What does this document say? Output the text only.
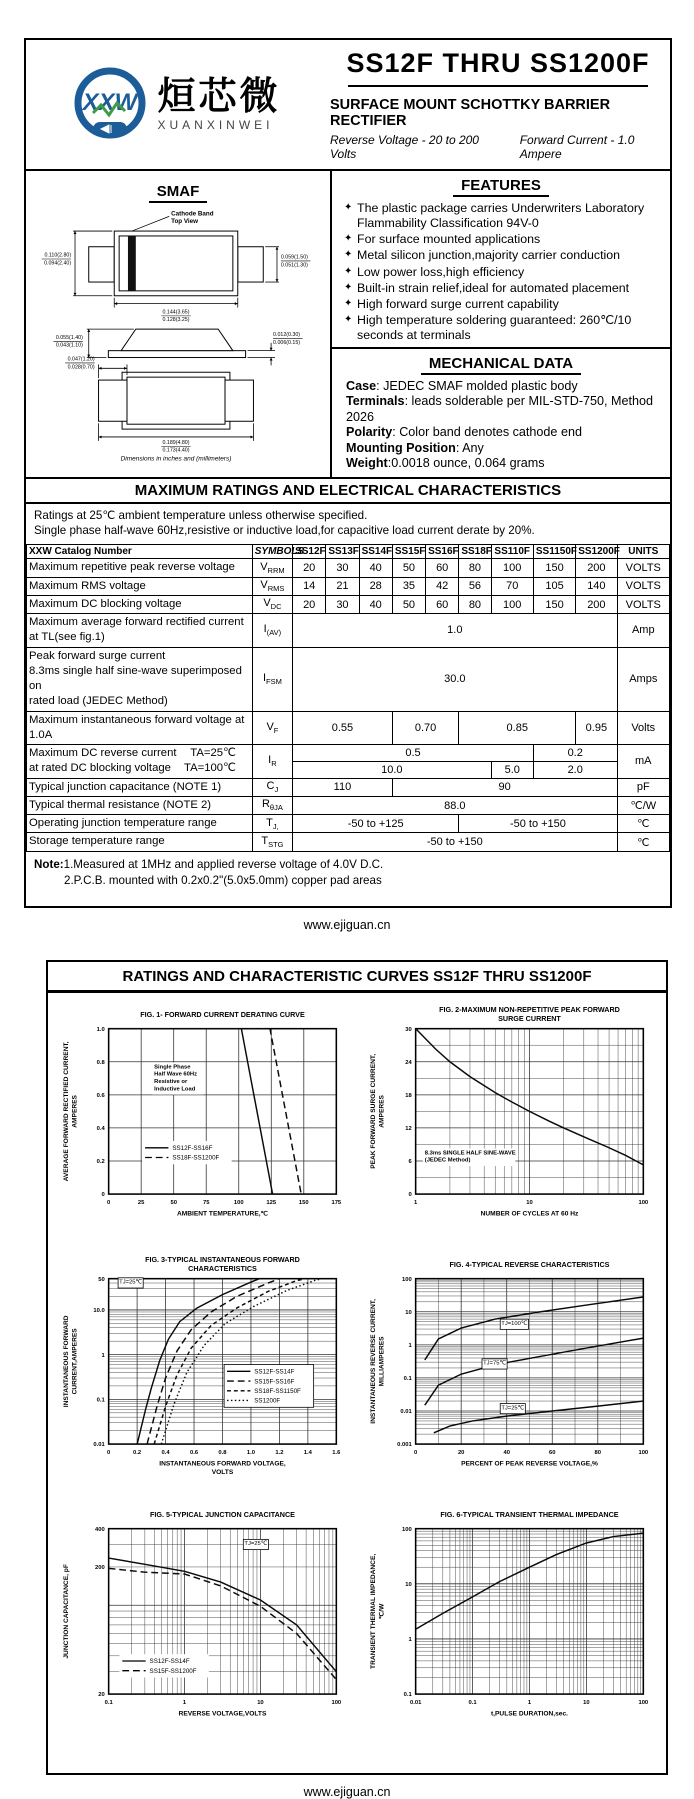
XXW 烜芯微
XUANXINWEI
SS12F THRU SS1200F
SURFACE MOUNT SCHOTTKY BARRIER RECTIFIER
Reverse Voltage - 20 to 200 Volts
Forward Current - 1.0 Ampere
SMAF
Cathode Band
Top View
0.110(2.80)
0.094(2.40)
0.059(1.50)
0.051(1.30)
0.144(3.65)
0.128(3.25)
0.055(1.40)
0.043(1.10)
0.012(0.30)
0.006(0.15)
0.047(1.20)
0.028(0.70)
0.189(4.80)
0.173(4.40)
Dimensions in inches and (millimeters)
FEATURES
✦ The plastic package carries Underwriters Laboratory Flammability Classification 94V-0
✦ For surface mounted applications
✦ Metal silicon junction,majority carrier conduction
✦ Low power loss,high efficiency
✦ Built-in strain relief,ideal for automated placement
✦ High forward surge current capability
✦ High temperature soldering guaranteed: 260℃/10 seconds at terminals
MECHANICAL DATA

Case: JEDEC SMAF molded plastic body

Terminals: leads solderable per MIL-STD-750, Method 2026

Polarity: Color band denotes cathode end

Mounting Position: Any

Weight:0.0018 ounce, 0.064 grams

MAXIMUM RATINGS AND ELECTRICAL CHARACTERISTICS
Ratings at 25℃ ambient temperature unless otherwise specified.
Single phase half-wave 60Hz,resistive or inductive load,for capacitive load current derate by 20%.
XXW Catalog Number	SYMBOLS	SS12F	SS13F	SS14F	SS15F	SS16F	SS18F	SS110F	SS1150F	SS1200F	UNITS

Maximum repetitive peak reverse voltage	$V_{RRM}$	20	30	40	50	60	80	100	150	200	VOLTS

Maximum RMS voltage	$V_{RMS}$	14	21	28	35	42	56	70	105	140	VOLTS

Maximum DC blocking voltage	$V_{DC}$	20	30	40	50	60	80	100	150	200	VOLTS

Maximum average forward rectified current
at TL(see fig.1)	$I_{(AV)}$	1.0									Amp

Peak forward surge current
8.3ms single half sine-wave superimposed on
rated load (JEDEC Method)	$I_{FSM}$	30.0									Amps

Maximum instantaneous forward voltage at 1.0A	$V_F$	0.55			0.70		0.85			0.95	Volts

Maximum DC reverse current TA=25℃
at rated DC blocking voltage TA=100℃	$I_R$	0.5							0.2		mA
		10.0						5.0	2.0		

Typical junction capacitance (NOTE 1)	$C_J$	110			90						pF

Typical thermal resistance (NOTE 2)	$R_{\theta JA}$	88.0									℃/W

Operating junction temperature range	$T_{J,}$	-50 to +125					-50 to +150				℃

Storage temperature range	$T_{STG}$	-50 to +150									℃
Note:1.Measured at 1MHz and applied reverse voltage of 4.0V D.C.
2.P.C.B. mounted with 0.2x0.2"(5.0x5.0mm) copper pad areas
www.ejiguan.cn
RATINGS AND CHARACTERISTIC CURVES SS12F THRU SS1200F
FIG. 1- FORWARD CURRENT DERATING CURVE
0	25	50	75	100	125	150	175
0
0.2
0.4
0.6
0.8
1.0
AMBIENT TEMPERATURE,℃
AVERAGE FORWARD RECTIFIED CURRENT, AMPERES
SS12F-SS16F
SS18F-SS1200F
Single Phase
Half Wave 60Hz
Resistive or
Inductive Load
FIG. 2-MAXIMUM NON-REPETITIVE PEAK FORWARD
SURGE CURRENT
1	10	100
0
6
12
18
24
30
NUMBER OF CYCLES AT 60 Hz
PEAK FORWARD SURGE CURRENT, AMPERES
8.3ms SINGLE HALF SINE-WAVE
(JEDEC Method)
FIG. 3-TYPICAL INSTANTANEOUS FORWARD
CHARACTERISTICS
0	0.2	0.4	0.6	0.8	1.0	1.2	1.4	1.6
50
10.0
1
0.1
0.01
INSTANTANEOUS FORWARD VOLTAGE,
VOLTS
INSTANTANEOUS FORWARD CURRENT,AMPERES	SS12F-SS14F
SS15F-SS16F
SS18F-SS1150F
SS1200F
TJ=25℃
FIG. 4-TYPICAL REVERSE CHARACTERISTICS
0	20	40	60	80	100
100
10
1
0.1
0.01
0.001
PERCENT OF PEAK REVERSE VOLTAGE,%
INSTANTANEOUS REVERSE CURRENT, MILLIAMPERES
TJ=100℃
TJ=75℃
TJ=25℃
FIG. 5-TYPICAL JUNCTION CAPACITANCE
0.1	1	10	100
400
200
20
REVERSE VOLTAGE,VOLTS
JUNCTION CAPACITANCE, pF
SS12F-SS14F
SS15F-SS1200F
TJ=25℃
FIG. 6-TYPICAL TRANSIENT THERMAL IMPEDANCE
0.01	0.1	1	10	100
100
10
1
0.1
t,PULSE DURATION,sec.
TRANSIENT THERMAL IMPEDANCE, ℃/W
www.ejiguan.cn
